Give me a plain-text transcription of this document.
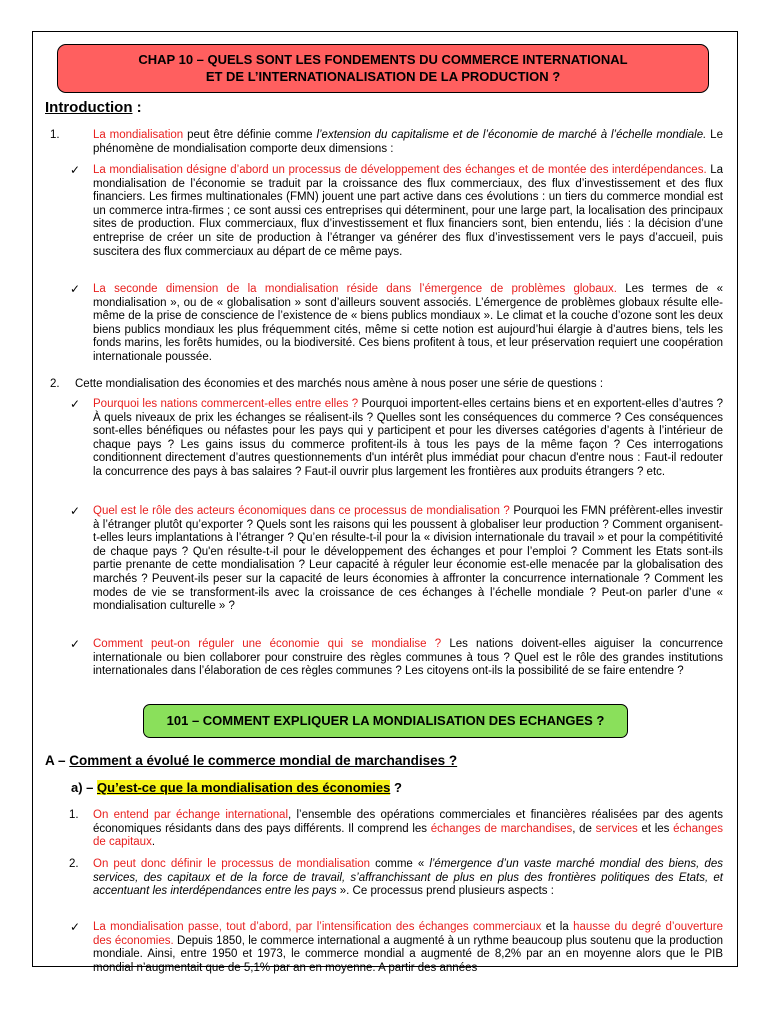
CHAP 10 – QUELS SONT LES FONDEMENTS DU COMMERCE INTERNATIONAL
ET DE L’INTERNATIONALISATION DE LA PRODUCTION ?
Introduction :
1.	La mondialisation peut être définie comme l’extension du capitalisme et de l’économie de marché à l’échelle mondiale. Le phénomène de mondialisation comporte deux dimensions :
✓ La mondialisation désigne d’abord un processus de développement des échanges et de montée des interdépendances. La mondialisation de l’économie se traduit par la croissance des flux commerciaux, des flux d’investissement et des flux financiers. Les firmes multinationales (FMN) jouent une part active dans ces évolutions : un tiers du commerce mondial est un commerce intra-firmes ; ce sont aussi ces entreprises qui déterminent, pour une large part, la localisation des principaux sites de production. Flux commerciaux, flux d’investissement et flux financiers sont, bien entendu, liés : la décision d’une entreprise de créer un site de production à l’étranger va générer des flux d’investissement vers le pays d’accueil, puis suscitera des flux commerciaux au départ de ce même pays.
✓ La seconde dimension de la mondialisation réside dans l’émergence de problèmes globaux. Les termes de « mondialisation », ou de « globalisation » sont d’ailleurs souvent associés. L’émergence de problèmes globaux résulte elle-même de la prise de conscience de l’existence de « biens publics mondiaux ». Le climat et la couche d’ozone sont les deux biens publics mondiaux les plus fréquemment cités, même si cette notion est aujourd’hui élargie à d’autres biens, tels les fonds marins, les forêts humides, ou la biodiversité. Ces biens profitent à tous, et leur préservation requiert une coopération internationale poussée.
2. Cette mondialisation des économies et des marchés nous amène à nous poser une série de questions :
✓ Pourquoi les nations commercent-elles entre elles ? Pourquoi importent-elles certains biens et en exportent-elles d’autres ? À quels niveaux de prix les échanges se réalisent-ils ? Quelles sont les conséquences du commerce ? Ces conséquences sont-elles bénéfiques ou néfastes pour les pays qui y participent et pour les diverses catégories d’agents à l’intérieur de chaque pays ? Les gains issus du commerce profitent-ils à tous les pays de la même façon ? Ces interrogations conditionnent directement d’autres questionnements d'un intérêt plus immédiat pour chacun d'entre nous : Faut-il redouter la concurrence des pays à bas salaires ? Faut-il ouvrir plus largement les frontières aux produits étrangers ? etc.
✓ Quel est le rôle des acteurs économiques dans ce processus de mondialisation ? Pourquoi les FMN préfèrent-elles investir à l’étranger plutôt qu’exporter ? Quels sont les raisons qui les poussent à globaliser leur production ? Comment organisent-t-elles leurs implantations à l’étranger ? Qu’en résulte-t-il pour la « division internationale du travail » et pour la compétitivité de chaque pays ? Qu'en résulte-t-il pour le développement des échanges et pour l’emploi ? Comment les Etats sont-ils partie prenante de cette mondialisation ? Leur capacité à réguler leur économie est-elle menacée par la globalisation des marchés ? Peuvent-ils peser sur la capacité de leurs économies à affronter la concurrence internationale ? Comment les modes de vie se transforment-ils avec la croissance de ces échanges à l’échelle mondiale ? Peut-on parler d’une « mondialisation culturelle » ?
✓ Comment peut-on réguler une économie qui se mondialise ? Les nations doivent-elles aiguiser la concurrence internationale ou bien collaborer pour construire des règles communes à tous ? Quel est le rôle des grandes institutions internationales dans l’élaboration de ces règles communes ? Les citoyens ont-ils la possibilité de se faire entendre ?
101 – COMMENT EXPLIQUER LA MONDIALISATION DES ECHANGES ?
A – Comment a évolué le commerce mondial de marchandises ?
a) – Qu’est-ce que la mondialisation des économies ?
1. On entend par échange international, l’ensemble des opérations commerciales et financières réalisées par des agents économiques résidants dans des pays différents. Il comprend les échanges de marchandises, de services et les échanges de capitaux.
2. On peut donc définir le processus de mondialisation comme « l’émergence d’un vaste marché mondial des biens, des services, des capitaux et de la force de travail, s’affranchissant de plus en plus des frontières politiques des Etats, et accentuant les interdépendances entre les pays ». Ce processus prend plusieurs aspects :
✓ La mondialisation passe, tout d’abord, par l’intensification des échanges commerciaux et la hausse du degré d’ouverture des économies. Depuis 1850, le commerce international a augmenté à un rythme beaucoup plus soutenu que la production mondiale. Ainsi, entre 1950 et 1973, le commerce mondial a augmenté de 8,2% par an en moyenne alors que le PIB mondial n’augmentait que de 5,1% par an en moyenne. A partir des années
